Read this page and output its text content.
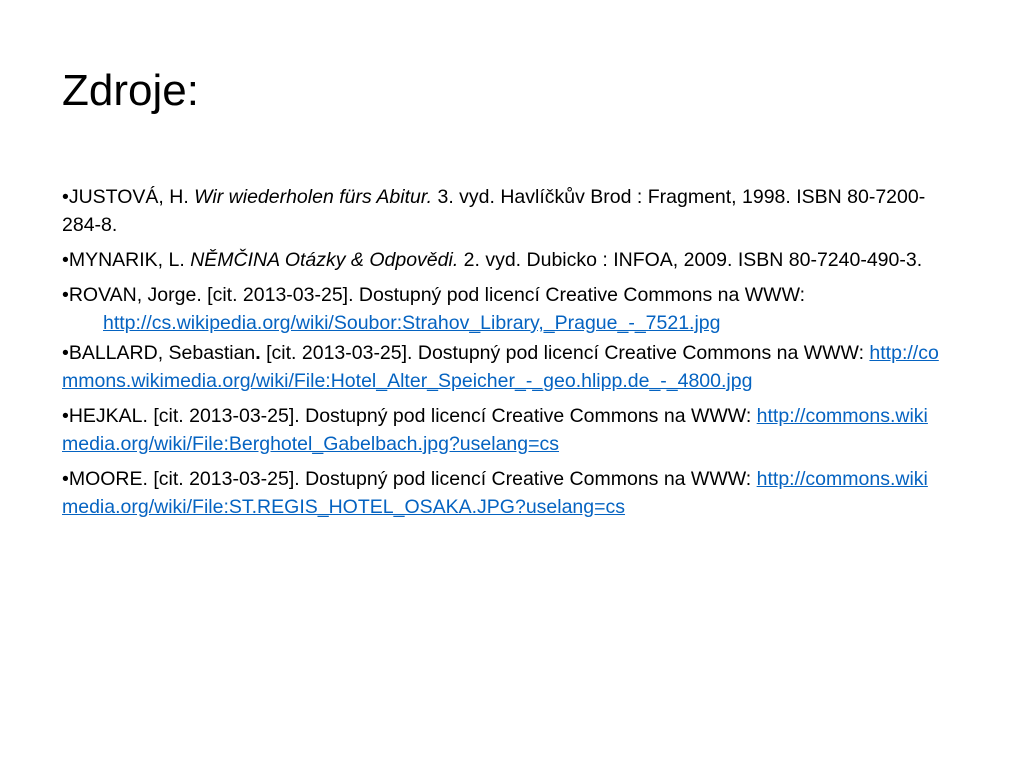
Zdroje:
•JUSTOVÁ, H. Wir wiederholen fürs Abitur. 3. vyd. Havlíčkův Brod : Fragment, 1998. ISBN 80-7200-284-8.
•MYNARIK, L. NĚMČINA Otázky & Odpovědi. 2. vyd. Dubicko : INFOA, 2009. ISBN 80-7240-490-3.
•ROVAN, Jorge. [cit. 2013-03-25]. Dostupný pod licencí Creative Commons na WWW:
http://cs.wikipedia.org/wiki/Soubor:Strahov_Library,_Prague_-_7521.jpg
•BALLARD, Sebastian. [cit. 2013-03-25]. Dostupný pod licencí Creative Commons na WWW: http://commons.wikimedia.org/wiki/File:Hotel_Alter_Speicher_-_geo.hlipp.de_-_4800.jpg
•HEJKAL. [cit. 2013-03-25]. Dostupný pod licencí Creative Commons na WWW: http://commons.wikimedia.org/wiki/File:Berghotel_Gabelbach.jpg?uselang=cs
•MOORE. [cit. 2013-03-25]. Dostupný pod licencí Creative Commons na WWW: http://commons.wikimedia.org/wiki/File:ST.REGIS_HOTEL_OSAKA.JPG?uselang=cs
